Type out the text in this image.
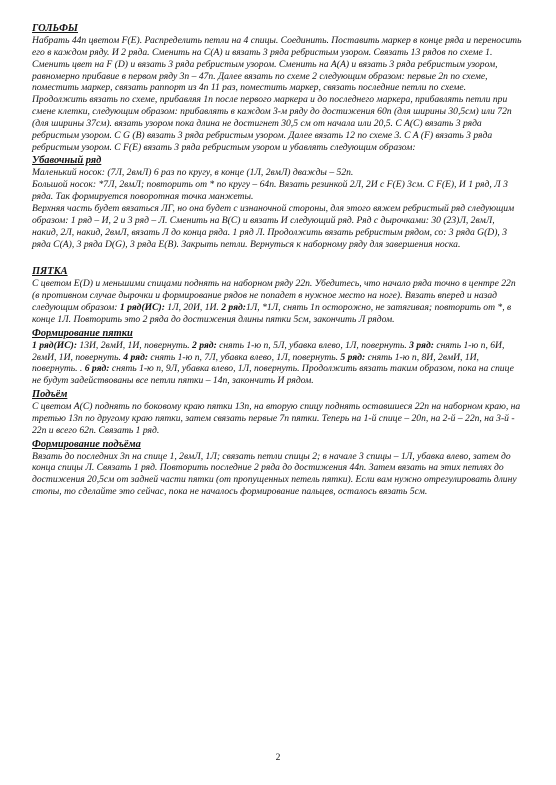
ГОЛЬФЫ

Набрать 44п цветом F(E). Распределить петли на 4 спицы. Соединить. Поставить маркер в конце ряда и переносить его в каждом ряду. И 2 ряда. Сменить на С(А) и вязать 3 ряда ребристым узором. Связать 13 рядов по схеме 1. Сменить цвет на F (D) и вязать 3 ряда ребристым узором. Сменить на A(A) и вязать 3 ряда ребристым узором, равномерно прибавие в первом ряду 3п – 47п. Далее вязать по схеме 2 следующим образом: первые 2п по схеме, поместить маркер, связать раппорт из 4п 11 раз, поместить маркер, связать последние петли по схеме. Продолжить вязать по схеме, прибавляя 1п после первого маркера и до последнего маркера, прибавлять петли при смене клетки, следующим образом: прибавлять в каждом 3-м ряду до достижения 60п (для ширины 30,5см) или 72п (для ширины 37см). вязать узором пока длина не достигнет 30,5 см от начала или 20,5. C A(C) вязать 3 ряда ребристым узором. C G (B) вязать 3 ряда ребристым узором. Далее вязать 12 по схеме 3. C A (F) вязать 3 ряда ребристым узором. C F(E) вязать 3 ряда ребристым узором и убавлять следующим образом:

Убавочный ряд

Маленький носок: (7Л, 2вмЛ) 6 раз по кругу, в конце (1Л, 2вмЛ) дважды – 52п.

Большой носок: *7Л, 2вмЛ; повторить от * по кругу – 64п. Вязать резинкой 2Л, 2И с F(E) 3см. С F(E), И 1 ряд, Л 3 ряда. Так формируется поворотная точка манжеты.

Верхняя часть будет вязаться ЛГ, но она будет с изнаночной стороны, для этого вяжем ребристый ряд следующим образом: 1 ряд – И, 2 и 3 ряд – Л. Сменить на В(С) и вязать И следующий ряд. Ряд с дырочками: 30 (23)Л, 2вмЛ, накид, 2Л, накид, 2вмЛ, вязать Л до конца ряда. 1 ряд Л. Продолжить вязать ребристым рядом, со: 3 ряда G(D), 3 ряда C(A), 3 ряда D(G), 3 ряда E(B). Закрыть петли. Вернуться к наборному ряду для завершения носка.

ПЯТКА

С цветом E(D) и меньшими спицами поднять на наборном ряду 22п. Убедитесь, что начало ряда точно в центре 22п (в противном случае дырочки и формирование рядов не попадет в нужное место на ноге). Вязать вперед и назад следующим образом: 1 ряд(ИС): 1Л, 20И, 1И. 2 ряд:1Л, *1Л, снять 1п осторожно, не затягивая; повторить от *, в конце 1Л. Повторить это 2 ряда до достижения длины пятки 5см, закончить Л рядом.

Формирование пятки

1 ряд(ИС): 13И, 2вмИ, 1И, повернуть. 2 ряд: снять 1-ю п, 5Л, убавка влево, 1Л, повернуть. 3 ряд: снять 1-ю п, 6И, 2вмИ, 1И, повернуть. 4 ряд: снять 1-ю п, 7Л, убавка влево, 1Л, повернуть. 5 ряд: снять 1-ю п, 8И, 2вмИ, 1И, повернуть. . 6 ряд: снять 1-ю п, 9Л, убавка влево, 1Л, повернуть. Продолжить вязать таким образом, пока на спице не будут задействованы все петли пятки – 14п, закончить И рядом.

Подъём

С цветом A(C) поднять по боковому краю пятки 13п, на вторую спицу поднять оставшиеся 22п на наборном краю, на третью 13п по другому краю пятки, затем связать первые 7п пятки. Теперь на 1-й спице – 20п, на 2-й – 22п, на 3-й - 22п и всего 62п. Связать 1 ряд.

Формирование подъёма

Вязать до последних 3п на спице 1, 2вмЛ, 1Л; связать петли спицы 2; в начале 3 спицы – 1Л, убавка влево, затем до конца спицы Л. Связать 1 ряд. Повторить последние 2 ряда до достижения 44п. Затем вязать на этих петлях до достижения 20,5см от задней части пятки (от пропущенных петель пятки). Если вам нужно отрегулировать длину стопы, то сделайте это сейчас, пока не началось формирование пальцев, осталось вязать 5см.

2
